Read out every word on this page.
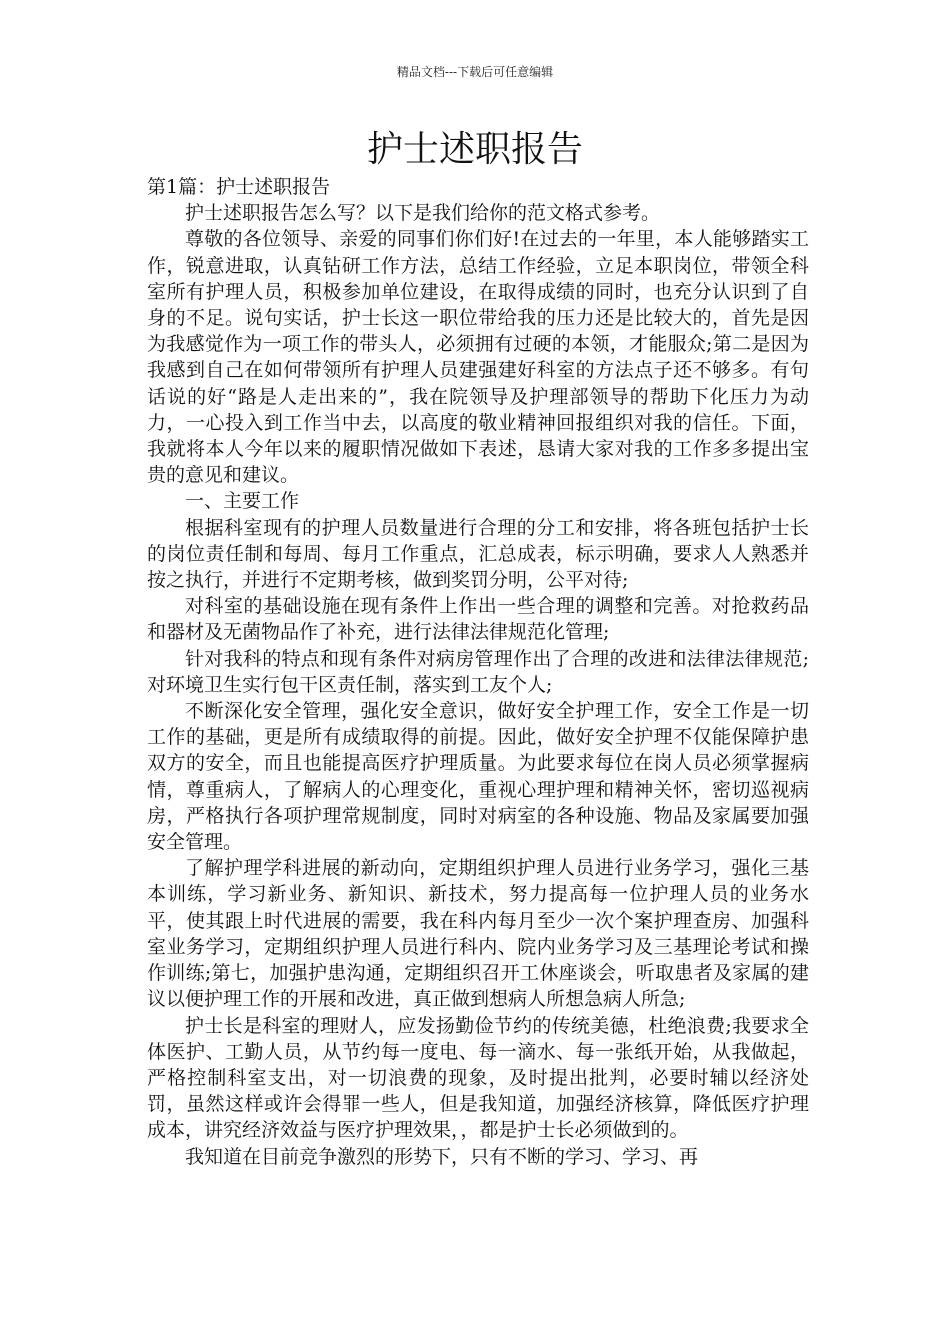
精品文档---下载后可任意编辑
护士述职报告

第1篇：护士述职报告

护士述职报告怎么写？以下是我们给你的范文格式参考。

尊敬的各位领导、亲爱的同事们你们好!在过去的一年里，本人能够踏实工作，锐意进取，认真钻研工作方法，总结工作经验，立足本职岗位，带领全科室所有护理人员，积极参加单位建设，在取得成绩的同时，也充分认识到了自身的不足。说句实话，护士长这一职位带给我的压力还是比较大的，首先是因为我感觉作为一项工作的带头人，必须拥有过硬的本领，才能服众;第二是因为我感到自己在如何带领所有护理人员建强建好科室的方法点子还不够多。有句话说的好“路是人走出来的”，我在院领导及护理部领导的帮助下化压力为动力，一心投入到工作当中去，以高度的敬业精神回报组织对我的信任。下面，我就将本人今年以来的履职情况做如下表述，恳请大家对我的工作多多提出宝贵的意见和建议。

一、主要工作

根据科室现有的护理人员数量进行合理的分工和安排，将各班包括护士长的岗位责任制和每周、每月工作重点，汇总成表，标示明确，要求人人熟悉并按之执行，并进行不定期考核，做到奖罚分明，公平对待;

对科室的基础设施在现有条件上作出一些合理的调整和完善。对抢救药品和器材及无菌物品作了补充，进行法律法律规范化管理;

针对我科的特点和现有条件对病房管理作出了合理的改进和法律法律规范;对环境卫生实行包干区责任制，落实到工友个人;

不断深化安全管理，强化安全意识，做好安全护理工作，安全工作是一切工作的基础，更是所有成绩取得的前提。因此，做好安全护理不仅能保障护患双方的安全，而且也能提高医疗护理质量。为此要求每位在岗人员必须掌握病情，尊重病人，了解病人的心理变化，重视心理护理和精神关怀，密切巡视病房，严格执行各项护理常规制度，同时对病室的各种设施、物品及家属要加强安全管理。

了解护理学科进展的新动向，定期组织护理人员进行业务学习，强化三基本训练，学习新业务、新知识、新技术，努力提高每一位护理人员的业务水平，使其跟上时代进展的需要，我在科内每月至少一次个案护理查房、加强科室业务学习，定期组织护理人员进行科内、院内业务学习及三基理论考试和操作训练;第七，加强护患沟通，定期组织召开工休座谈会，听取患者及家属的建议以便护理工作的开展和改进，真正做到想病人所想急病人所急;

护士长是科室的理财人，应发扬勤俭节约的传统美德，杜绝浪费;我要求全体医护、工勤人员，从节约每一度电、每一滴水、每一张纸开始，从我做起，严格控制科室支出，对一切浪费的现象，及时提出批判，必要时辅以经济处罚，虽然这样或许会得罪一些人，但是我知道，加强经济核算，降低医疗护理成本，讲究经济效益与医疗护理效果，，都是护士长必须做到的。

我知道在目前竞争激烈的形势下，只有不断的学习、学习、再
